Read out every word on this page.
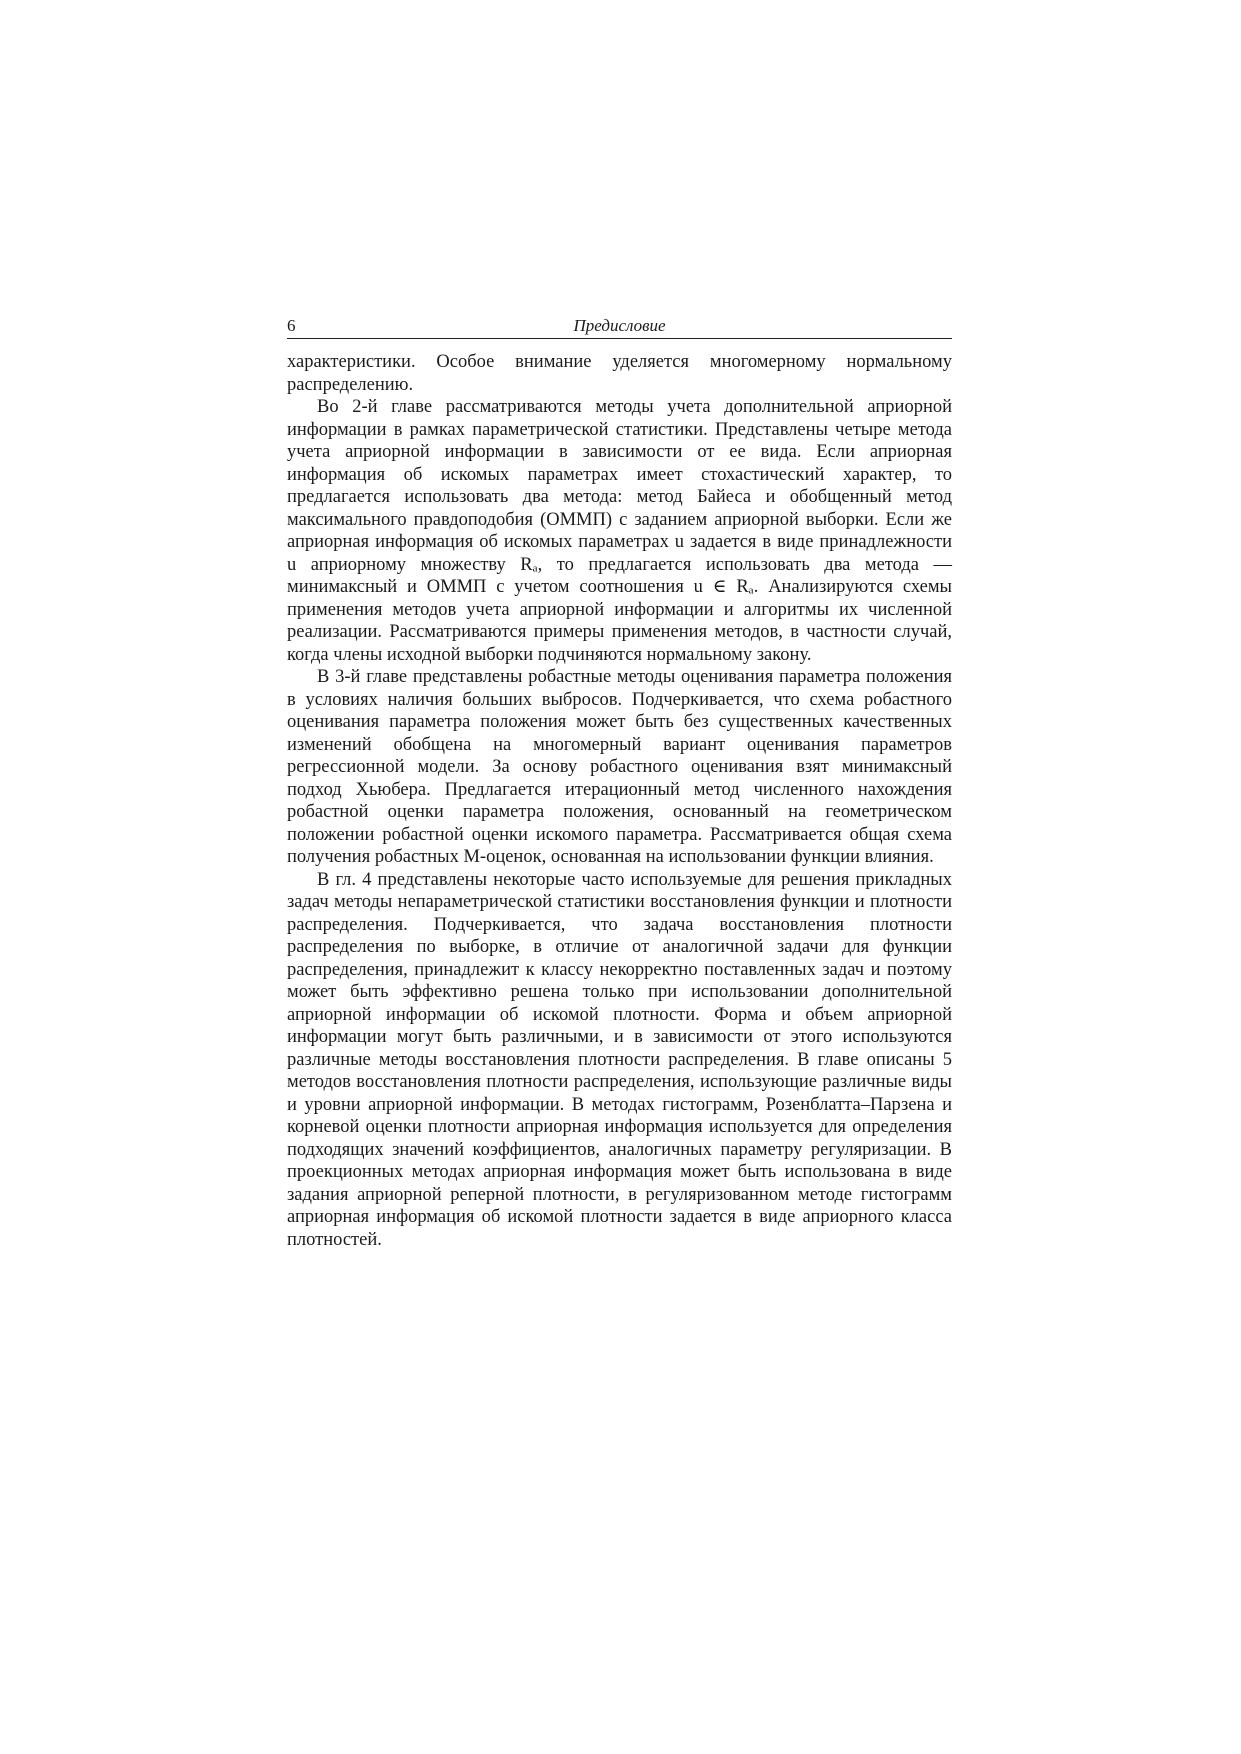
6	Предисловие

характеристики. Особое внимание уделяется многомерному нормальному распределению.

Во 2-й главе рассматриваются методы учета дополнительной априорной информации в рамках параметрической статистики. Представлены четыре метода учета априорной информации в зависимости от ее вида. Если априорная информация об искомых параметрах имеет стохастический характер, то предлагается использовать два метода: метод Байеса и обобщенный метод максимального правдоподобия (ОММП) с заданием априорной выборки. Если же априорная информация об искомых параметрах u задается в виде принадлежности u априорному множеству Rₐ, то предлагается использовать два метода — минимаксный и ОММП с учетом соотношения u ∈ Rₐ. Анализируются схемы применения методов учета априорной информации и алгоритмы их численной реализации. Рассматриваются примеры применения методов, в частности случай, когда члены исходной выборки подчиняются нормальному закону.

В 3-й главе представлены робастные методы оценивания параметра положения в условиях наличия больших выбросов. Подчеркивается, что схема робастного оценивания параметра положения может быть без существенных качественных изменений обобщена на многомерный вариант оценивания параметров регрессионной модели. За основу робастного оценивания взят минимаксный подход Хьюбера. Предлагается итерационный метод численного нахождения робастной оценки параметра положения, основанный на геометрическом положении робастной оценки искомого параметра. Рассматривается общая схема получения робастных М-оценок, основанная на использовании функции влияния.

В гл. 4 представлены некоторые часто используемые для решения прикладных задач методы непараметрической статистики восстановления функции и плотности распределения. Подчеркивается, что задача восстановления плотности распределения по выборке, в отличие от аналогичной задачи для функции распределения, принадлежит к классу некорректно поставленных задач и поэтому может быть эффективно решена только при использовании дополнительной априорной информации об искомой плотности. Форма и объем априорной информации могут быть различными, и в зависимости от этого используются различные методы восстановления плотности распределения. В главе описаны 5 методов восстановления плотности распределения, использующие различные виды и уровни априорной информации. В методах гистограмм, Розенблатта–Парзена и корневой оценки плотности априорная информация используется для определения подходящих значений коэффициентов, аналогичных параметру регуляризации. В проекционных методах априорная информация может быть использована в виде задания априорной реперной плотности, в регуляризованном методе гистограмм априорная информация об искомой плотности задается в виде априорного класса плотностей.
